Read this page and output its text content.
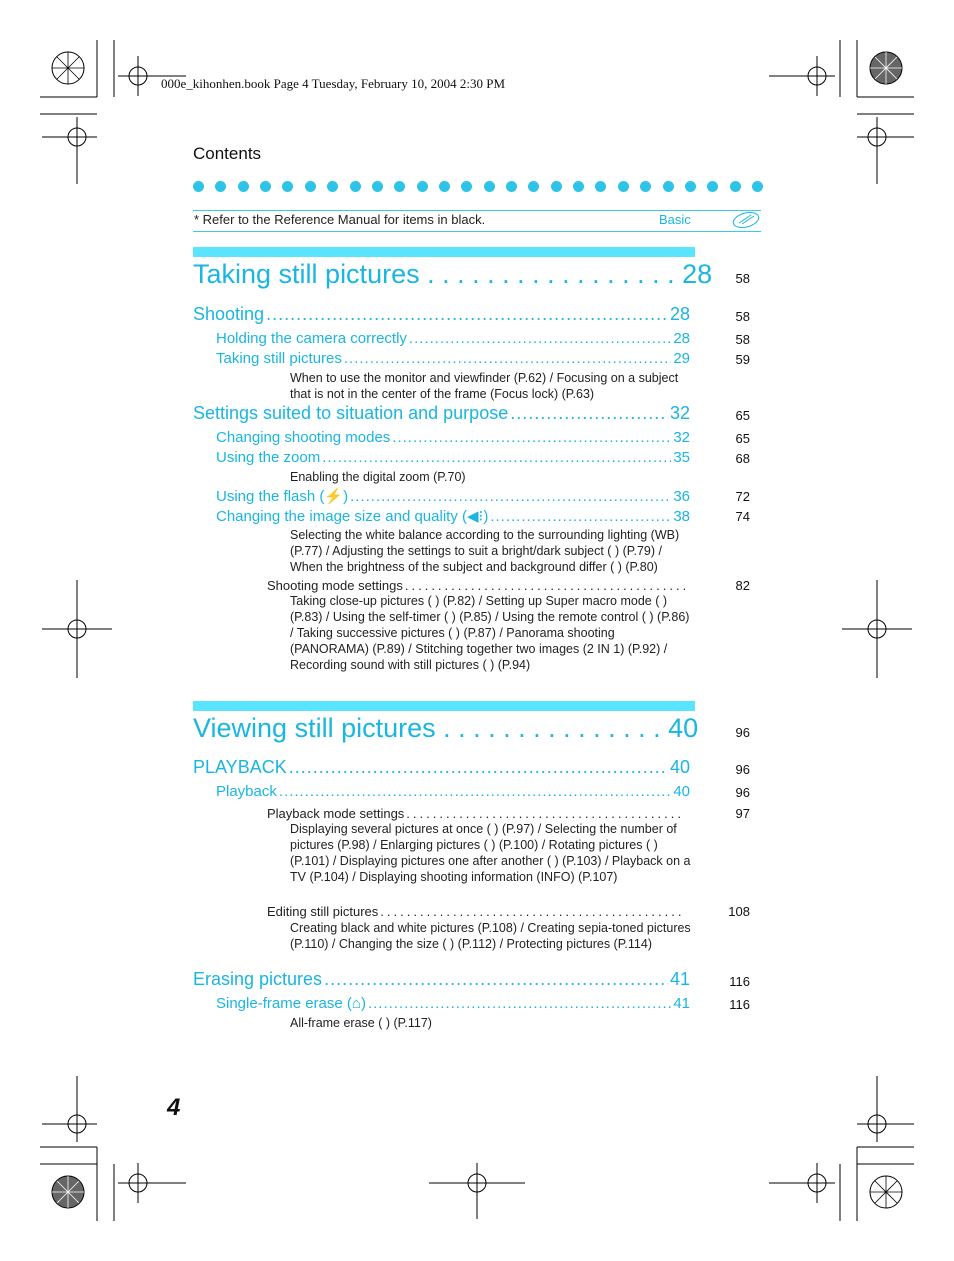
000e_kihonhen.book Page 4 Tuesday, February 10, 2004 2:30 PM
Contents
* Refer to the Reference Manual for items in black.	Basic
Taking still pictures . . . . . . . . . . . . . . . . . 28	58
Shooting .....	28	58
Holding the camera correctly .....	28	58
Taking still pictures .....	29	59
When to use the monitor and viewfinder (P.62) / Focusing on a subject that is not in the center of the frame (Focus lock) (P.63)
Settings suited to situation and purpose .....	32	65
Changing shooting modes .....	32	65
Using the zoom .....	35	68
Enabling the digital zoom (P.70)
Using the flash ( ⚡ ) .....	36	72
Changing the image size and quality ( ◀⁝ ) .....	38	74
Selecting the white balance according to the surrounding lighting (WB) (P.77) / Adjusting the settings to suit a bright/dark subject ( ) (P.79) / When the brightness of the subject and background differ ( ) (P.80)
Shooting mode settings .....	82
Taking close-up pictures ( ) (P.82) / Setting up Super macro mode ( ) (P.83) / Using the self-timer ( ) (P.85) / Using the remote control ( ) (P.86) / Taking successive pictures ( ) (P.87) / Panorama shooting (PANORAMA) (P.89) / Stitching together two images (2 IN 1) (P.92) / Recording sound with still pictures ( ) (P.94)
Viewing still pictures . . . . . . . . . . . . . . . 40	96
PLAYBACK .....	40	96
Playback .....	40	96
Playback mode settings .....	97
Displaying several pictures at once ( ) (P.97) / Selecting the number of pictures (P.98) / Enlarging pictures ( ) (P.100) / Rotating pictures ( ) (P.101) / Displaying pictures one after another ( ) (P.103) / Playback on a TV (P.104) / Displaying shooting information (INFO) (P.107)
Editing still pictures .....	108
Creating black and white pictures (P.108) / Creating sepia-toned pictures (P.110) / Changing the size ( ) (P.112) / Protecting pictures (P.114)
Erasing pictures .....	41	116
Single-frame erase ( ⌂ ) .....	41	116
All-frame erase ( ) (P.117)
4
